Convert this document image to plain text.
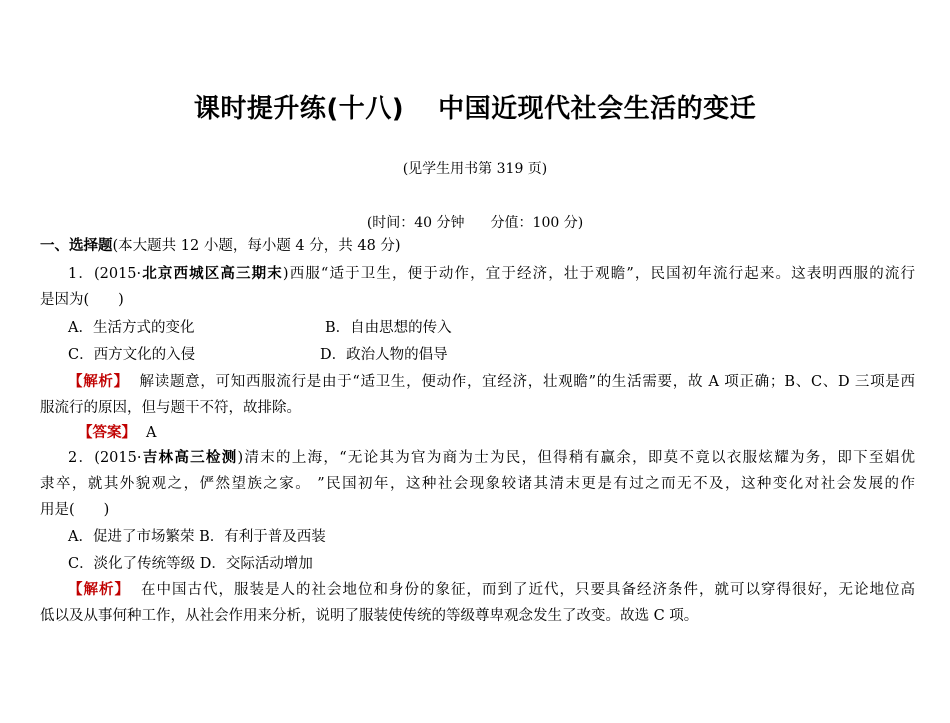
课时提升练(十八) 中国近现代社会生活的变迁
(见学生用书第 319 页)
(时间：40 分钟 分值：100 分)
一、选择题(本大题共 12 小题，每小题 4 分，共 48 分)
1．(2015·北京西城区高三期末)西服“适于卫生，便于动作，宜于经济，壮于观瞻”，民国初年流行起来。这表明西服的流行
是因为(　　)
A．生活方式的变化	B．自由思想的传入
C．西方文化的入侵	D．政治人物的倡导
【解析】 解读题意，可知西服流行是由于“适卫生，便动作，宜经济，壮观瞻”的生活需要，故 A 项正确；B、C、D 三项是西
服流行的原因，但与题干不符，故排除。
【答案】 A
2．(2015·吉林高三检测)清末的上海，“无论其为官为商为士为民，但得稍有赢余，即莫不竟以衣服炫耀为务，即下至娼优
隶卒，就其外貌观之，俨然望族之家。 ”民国初年，这种社会现象较诸其清末更是有过之而无不及，这种变化对社会发展的作
用是(　　)
A．促进了市场繁荣 B．有利于普及西装
C．淡化了传统等级 D．交际活动增加
【解析】 在中国古代，服装是人的社会地位和身份的象征，而到了近代，只要具备经济条件，就可以穿得很好，无论地位高
低以及从事何种工作，从社会作用来分析，说明了服装使传统的等级尊卑观念发生了改变。故选 C 项。
